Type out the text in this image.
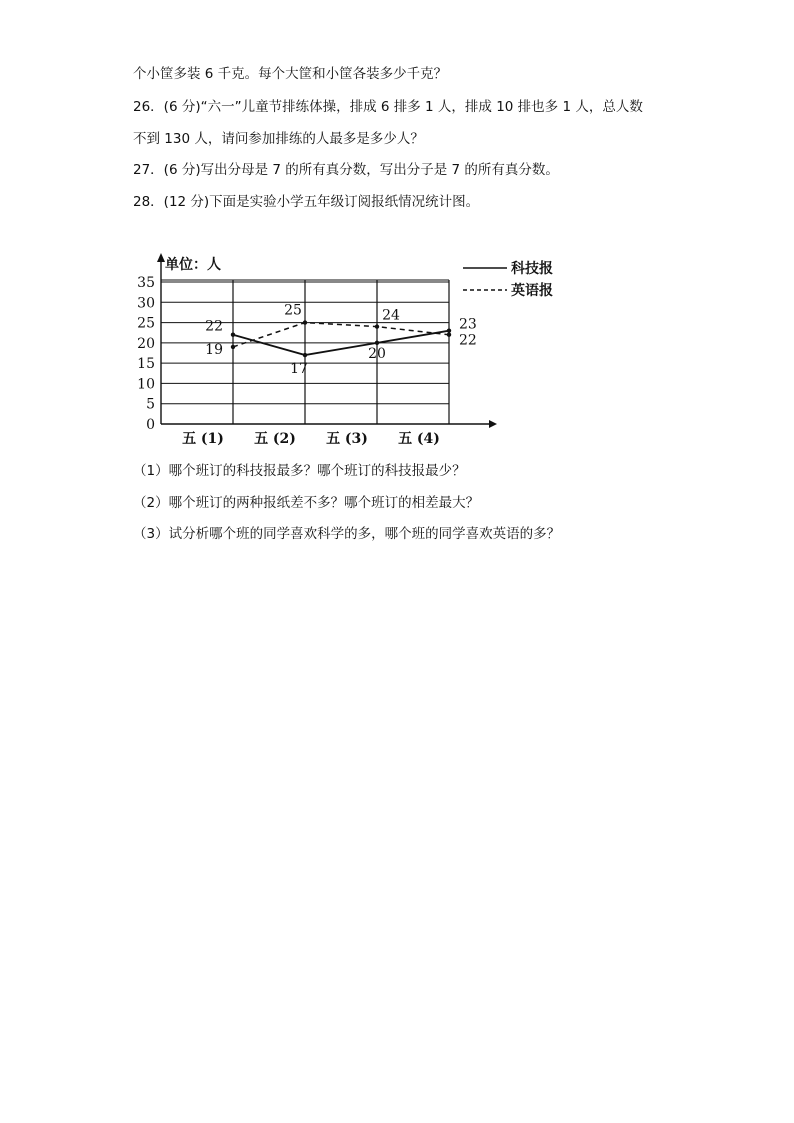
个小筐多装 6 千克。每个大筐和小筐各装多少千克？
26．(6 分)“六一”儿童节排练体操，排成 6 排多 1 人，排成 10 排也多 1 人，总人数
不到 130 人，请问参加排练的人最多是多少人？
27．(6 分)写出分母是 7 的所有真分数，写出分子是 7 的所有真分数。
28．(12 分)下面是实验小学五年级订阅报纸情况统计图。
单位：人
0
5
10
15
20
25
30
35
五 (1) 五 (2) 五 (3) 五 (4)
22
17
20
23
19
25	24
22
科技报
英语报
（1）哪个班订的科技报最多？哪个班订的科技报最少？
（2）哪个班订的两种报纸差不多？哪个班订的相差最大？
（3）试分析哪个班的同学喜欢科学的多，哪个班的同学喜欢英语的多？
